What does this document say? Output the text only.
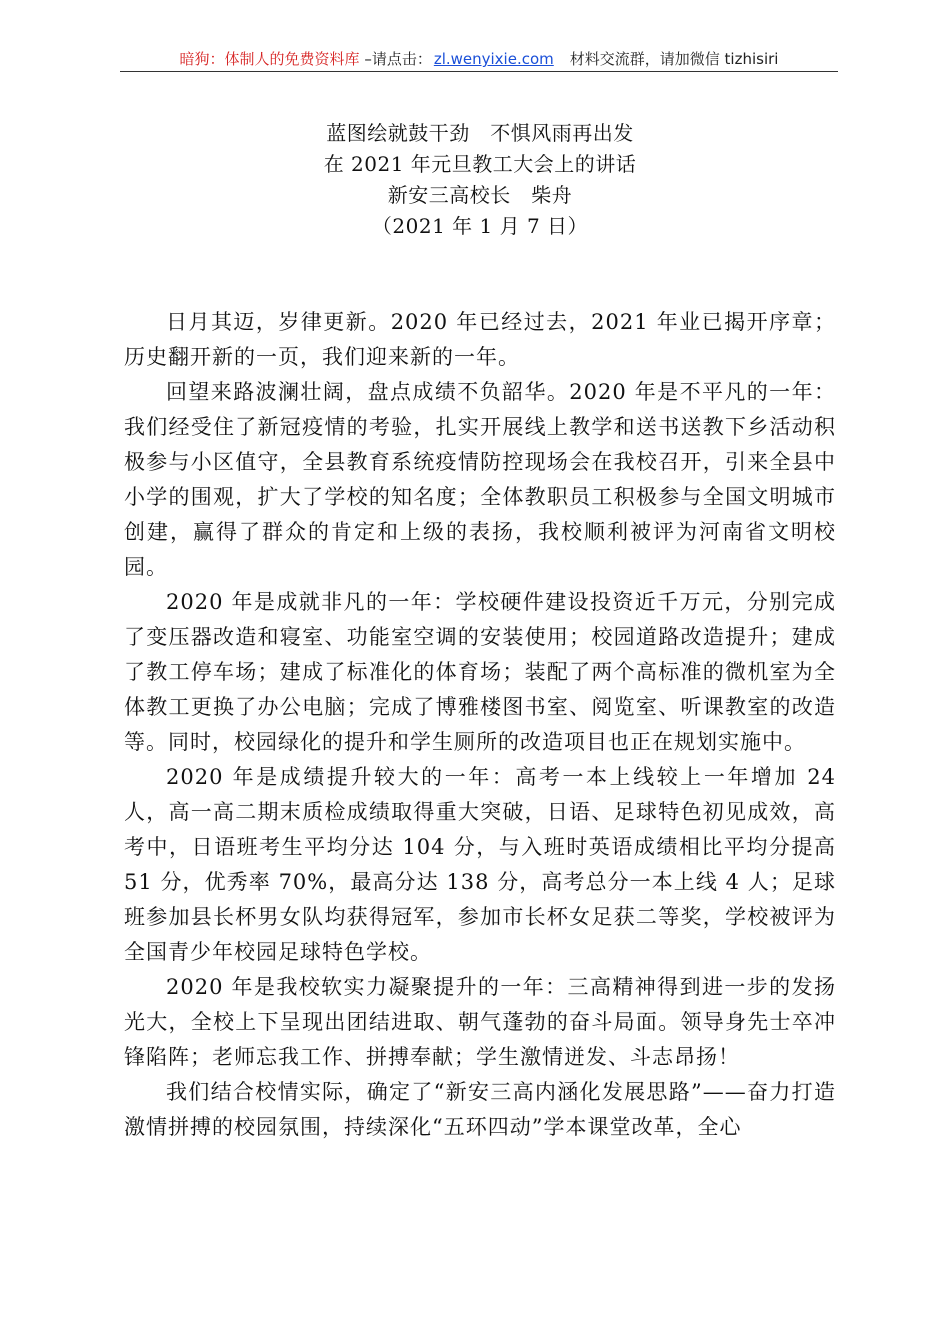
暗狗：体制人的免费资料库 –请点击： zl.wenyixie.com 材料交流群，请加微信 tizhisiri
蓝图绘就鼓干劲　不惧风雨再出发
在 2021 年元旦教工大会上的讲话
新安三高校长　柴舟
（2021 年 1 月 7 日）

日月其迈，岁律更新。2020 年已经过去，2021 年业已揭开序章；历史翻开新的一页，我们迎来新的一年。

回望来路波澜壮阔，盘点成绩不负韶华。2020 年是不平凡的一年：我们经受住了新冠疫情的考验，扎实开展线上教学和送书送教下乡活动积极参与小区值守，全县教育系统疫情防控现场会在我校召开，引来全县中小学的围观，扩大了学校的知名度；全体教职员工积极参与全国文明城市创建，赢得了群众的肯定和上级的表扬，我校顺利被评为河南省文明校园。

2020 年是成就非凡的一年：学校硬件建设投资近千万元，分别完成了变压器改造和寝室、功能室空调的安装使用；校园道路改造提升；建成了教工停车场；建成了标准化的体育场；装配了两个高标准的微机室为全体教工更换了办公电脑；完成了博雅楼图书室、阅览室、听课教室的改造等。同时，校园绿化的提升和学生厕所的改造项目也正在规划实施中。

2020 年是成绩提升较大的一年：高考一本上线较上一年增加 24 人，高一高二期末质检成绩取得重大突破，日语、足球特色初见成效，高考中，日语班考生平均分达 104 分，与入班时英语成绩相比平均分提高 51 分，优秀率 70%，最高分达 138 分，高考总分一本上线 4 人；足球班参加县长杯男女队均获得冠军，参加市长杯女足获二等奖，学校被评为全国青少年校园足球特色学校。

2020 年是我校软实力凝聚提升的一年：三高精神得到进一步的发扬光大，全校上下呈现出团结进取、朝气蓬勃的奋斗局面。领导身先士卒冲锋陷阵；老师忘我工作、拼搏奉献；学生激情迸发、斗志昂扬！

我们结合校情实际，确定了“新安三高内涵化发展思路”——奋力打造激情拼搏的校园氛围，持续深化“五环四动”学本课堂改革，全心
